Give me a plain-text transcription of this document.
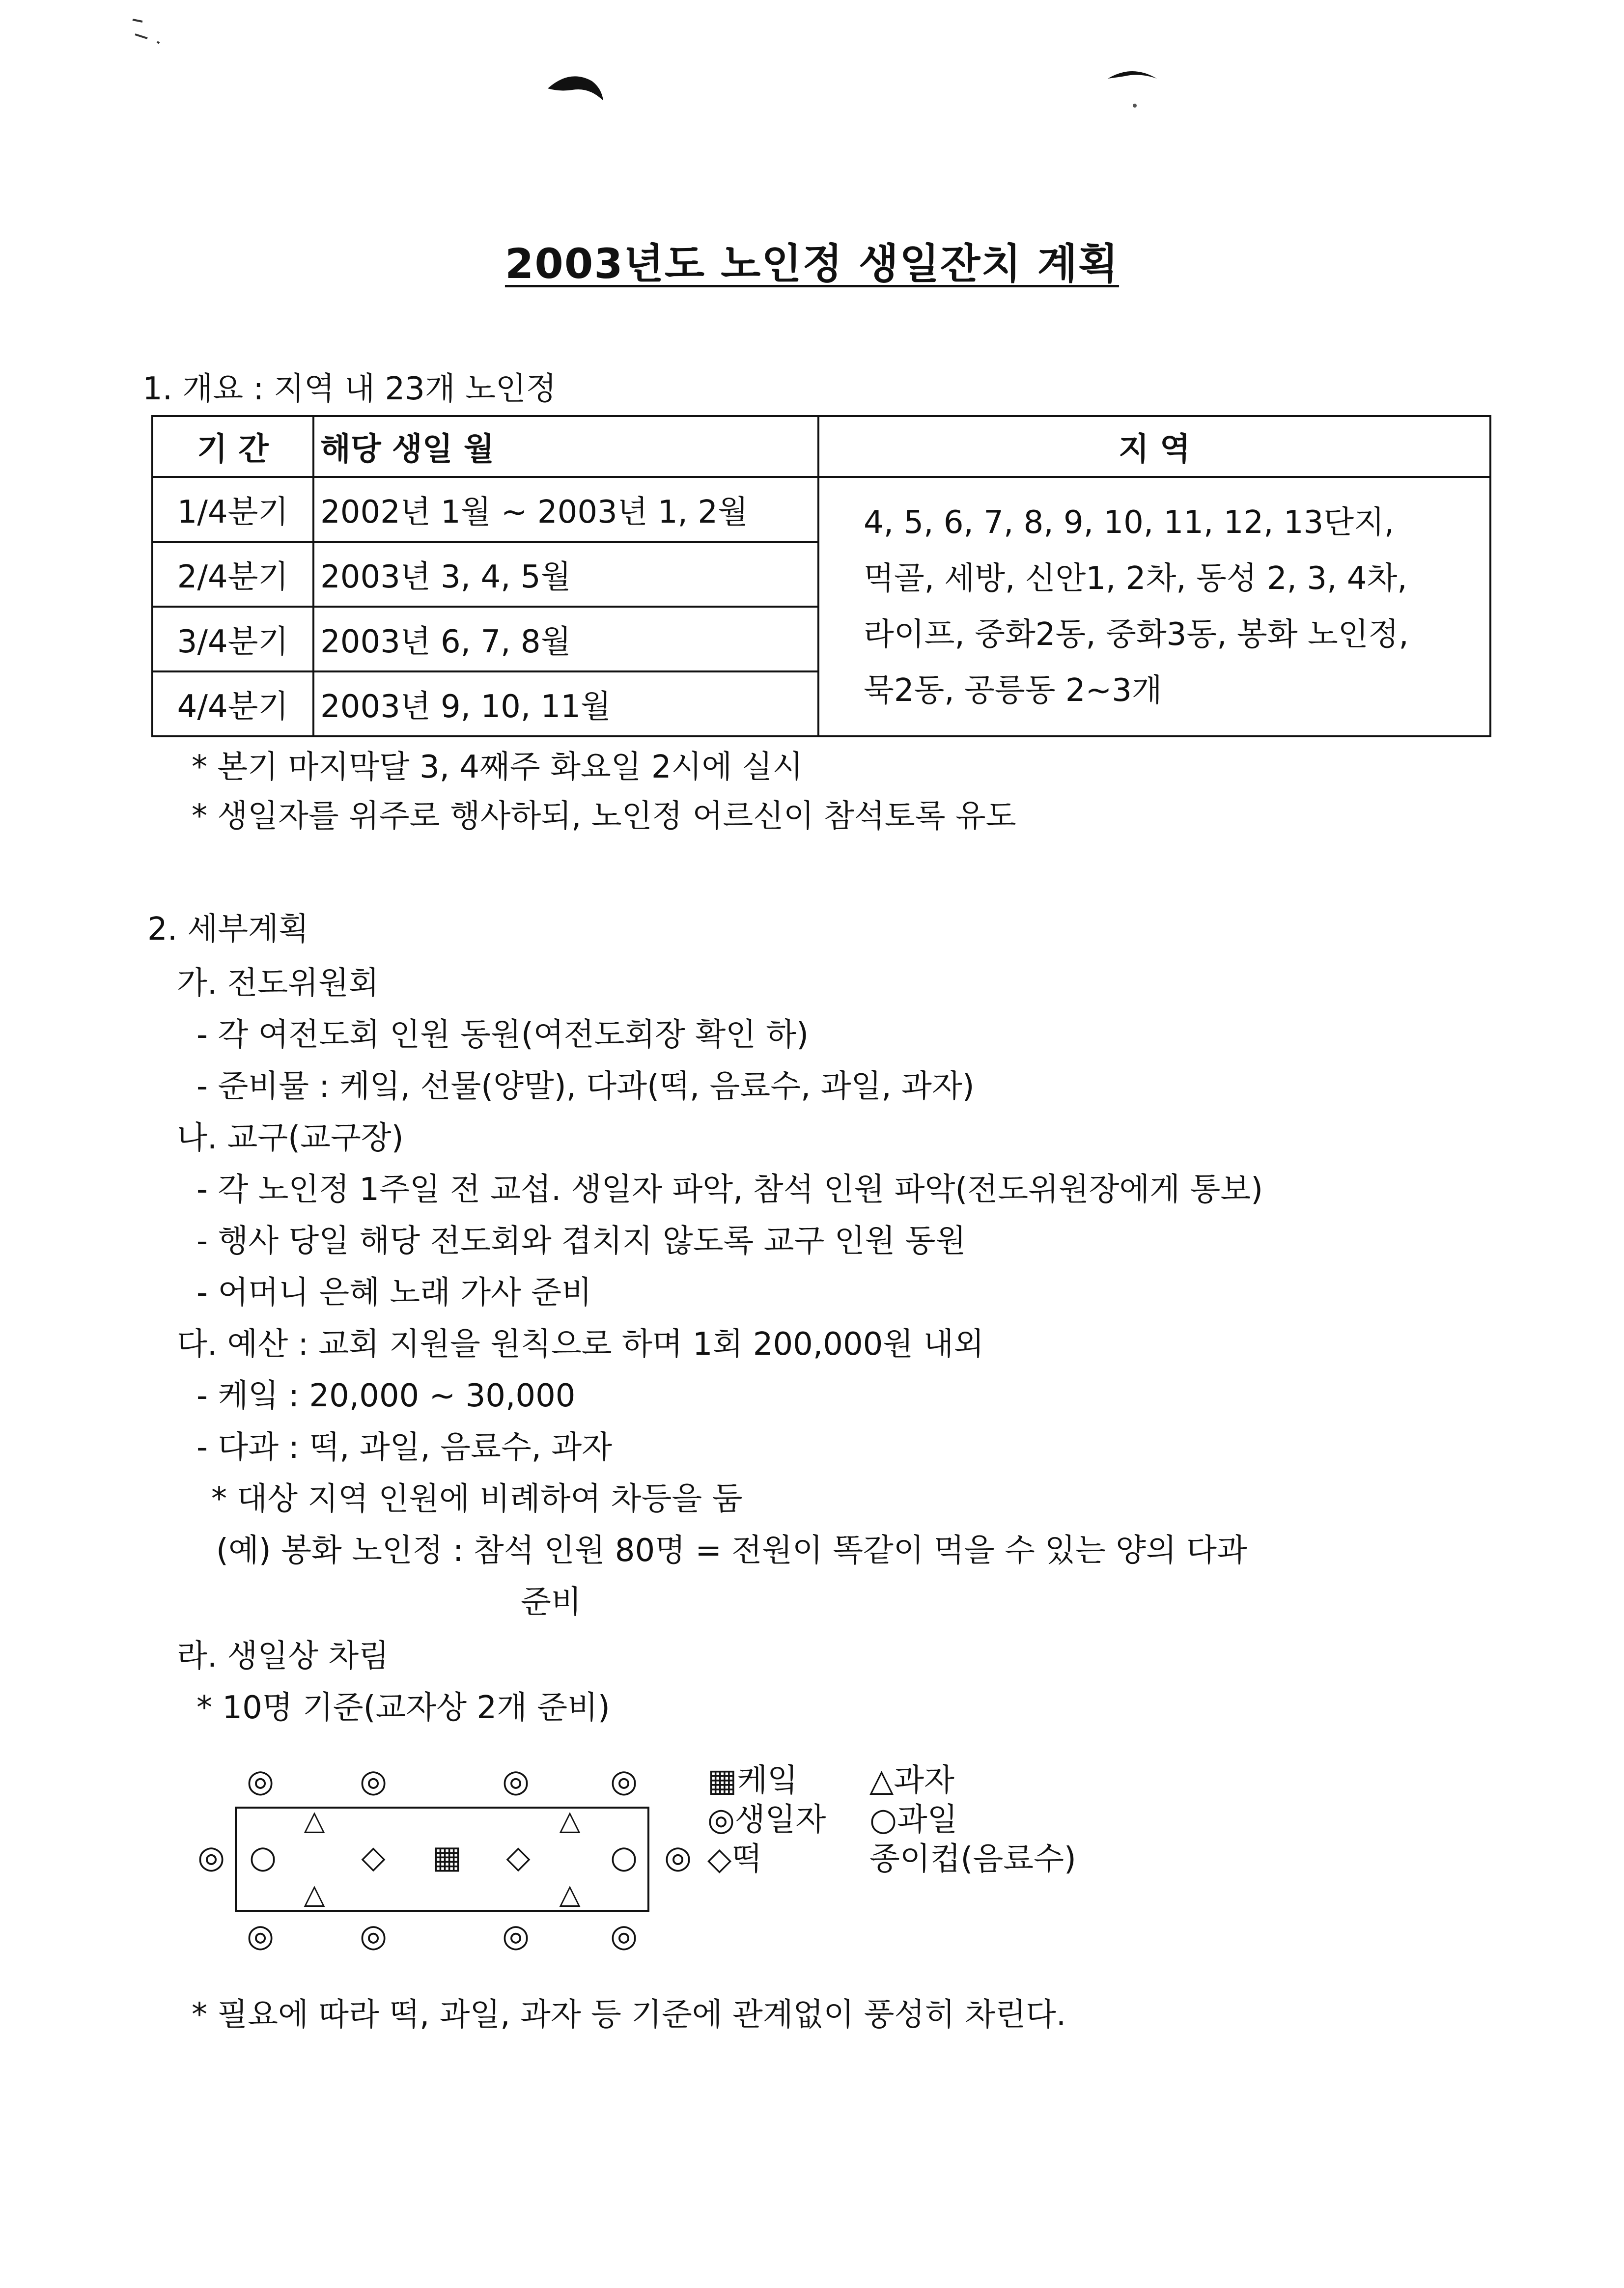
2003년도 노인정 생일잔치 계획
1. 개요 : 지역 내 23개 노인정
기 간	해당 생일 월	지 역
1/4분기	2002년 1월 ~ 2003년 1, 2월	4, 5, 6, 7, 8, 9, 10, 11, 12, 13단지,
먹골, 세방, 신안1, 2차, 동성 2, 3, 4차,
라이프, 중화2동, 중화3동, 봉화 노인정,
묵2동, 공릉동 2~3개

2/4분기	2003년 3, 4, 5월	
3/4분기	2003년 6, 7, 8월	
4/4분기	2003년 9, 10, 11월	
* 본기 마지막달 3, 4째주 화요일 2시에 실시
* 생일자를 위주로 행사하되, 노인정 어르신이 참석토록 유도
2. 세부계획
가. 전도위원회
- 각 여전도회 인원 동원(여전도회장 확인 하)
- 준비물 : 케잌, 선물(양말), 다과(떡, 음료수, 과일, 과자)
나. 교구(교구장)
- 각 노인정 1주일 전 교섭. 생일자 파악, 참석 인원 파악(전도위원장에게 통보)
- 행사 당일 해당 전도회와 겹치지 않도록 교구 인원 동원
- 어머니 은혜 노래 가사 준비
다. 예산 : 교회 지원을 원칙으로 하며 1회 200,000원 내외
- 케잌 : 20,000 ~ 30,000
- 다과 : 떡, 과일, 음료수, 과자
* 대상 지역 인원에 비례하여 차등을 둠
(예) 봉화 노인정 : 참석 인원 80명 = 전원이 똑같이 먹을 수 있는 양의 다과
준비
라. 생일상 차림
* 10명 기준(교자상 2개 준비)
◎	◎	◎	◎
◎	◎	◎	◎
◎	◎
△	△
△	△
○	◇ ▦ ◇	○
▦케잌	△과자
◎생일자	○과일
◇떡	종이컵(음료수)
* 필요에 따라 떡, 과일, 과자 등 기준에 관계없이 풍성히 차린다.
